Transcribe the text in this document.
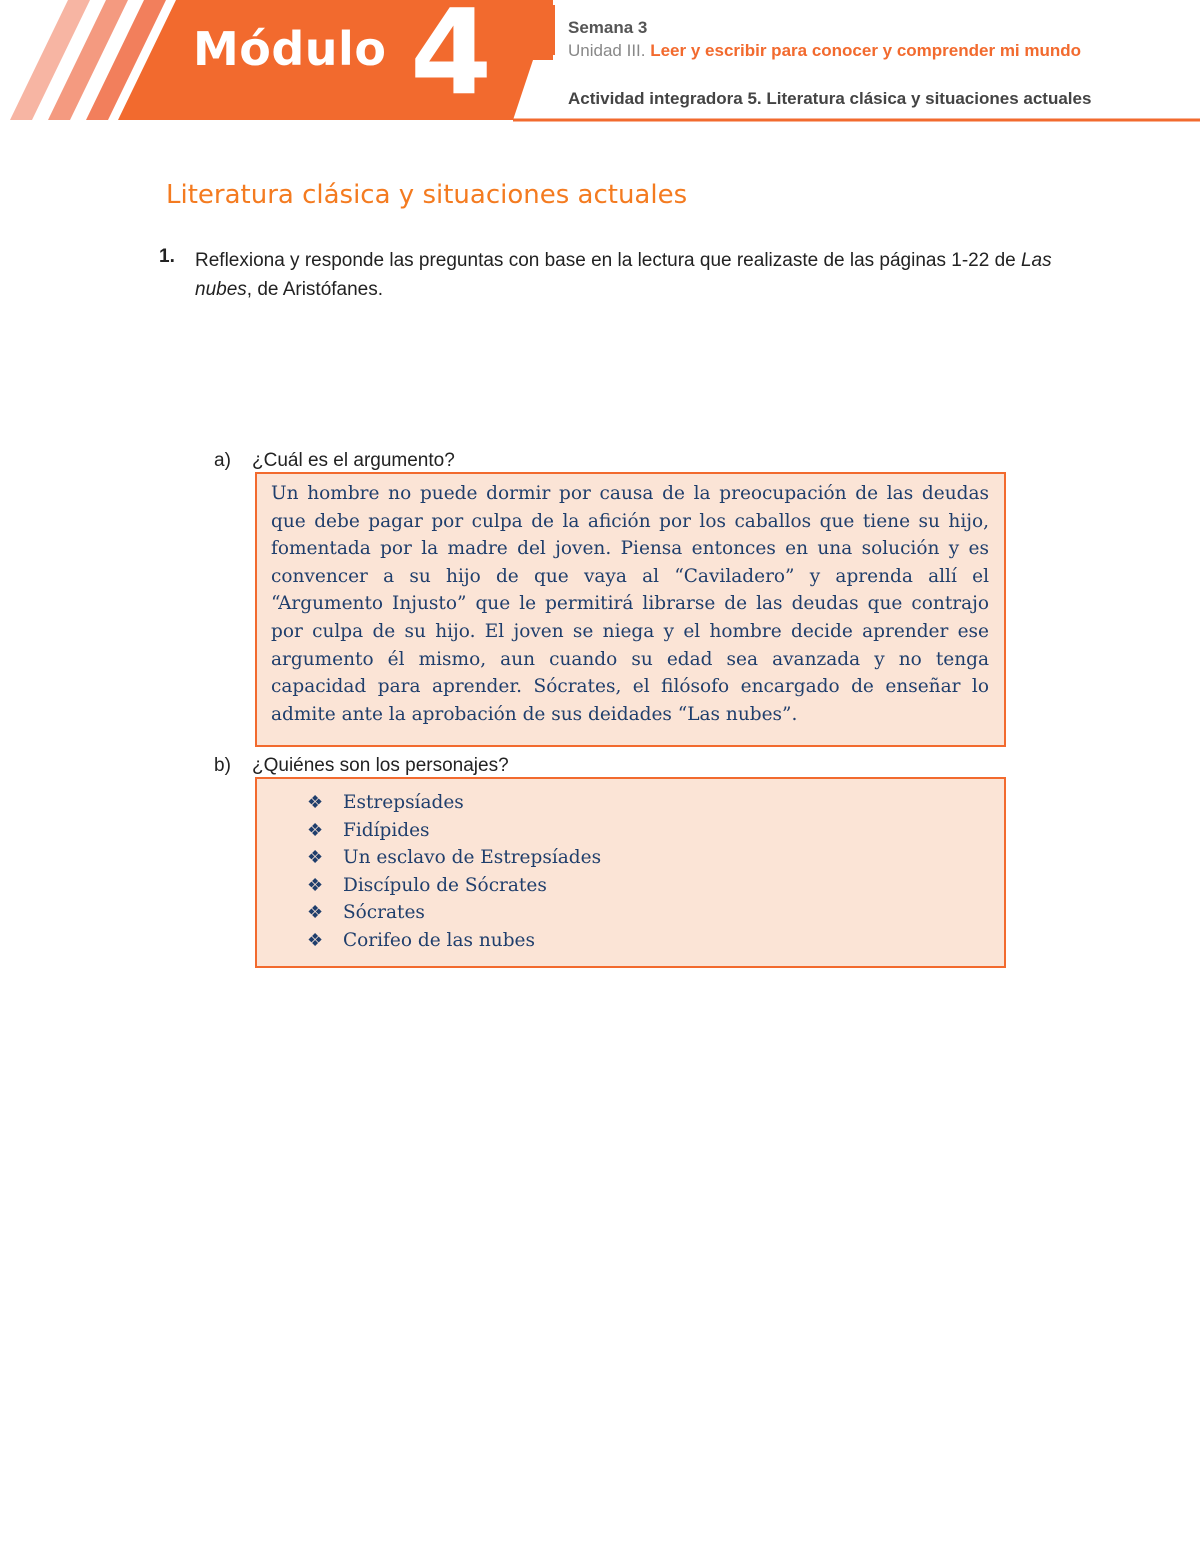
Módulo 4	Semana 3
Unidad III. Leer y escribir para conocer y comprender mi mundo
Actividad integradora 5. Literatura clásica y situaciones actuales
Literatura clásica y situaciones actuales
1. Reflexiona y responde las preguntas con base en la lectura que realizaste de las páginas 1-22 de Las nubes, de Aristófanes.
a) ¿Cuál es el argumento?
Un hombre no puede dormir por causa de la preocupación de las deudas que debe pagar por culpa de la afición por los caballos que tiene su hijo, fomentada por la madre del joven. Piensa entonces en una solución y es convencer a su hijo de que vaya al “Caviladero” y aprenda allí el “Argumento Injusto” que le permitirá librarse de las deudas que contrajo por culpa de su hijo. El joven se niega y el hombre decide aprender ese argumento él mismo, aun cuando su edad sea avanzada y no tenga capacidad para aprender. Sócrates, el filósofo encargado de enseñar lo admite ante la aprobación de sus deidades “Las nubes”.
b) ¿Quiénes son los personajes?
❖	Estrepsíades
❖	Fidípides
❖	Un esclavo de Estrepsíades
❖	Discípulo de Sócrates
❖	Sócrates
❖	Corifeo de las nubes
